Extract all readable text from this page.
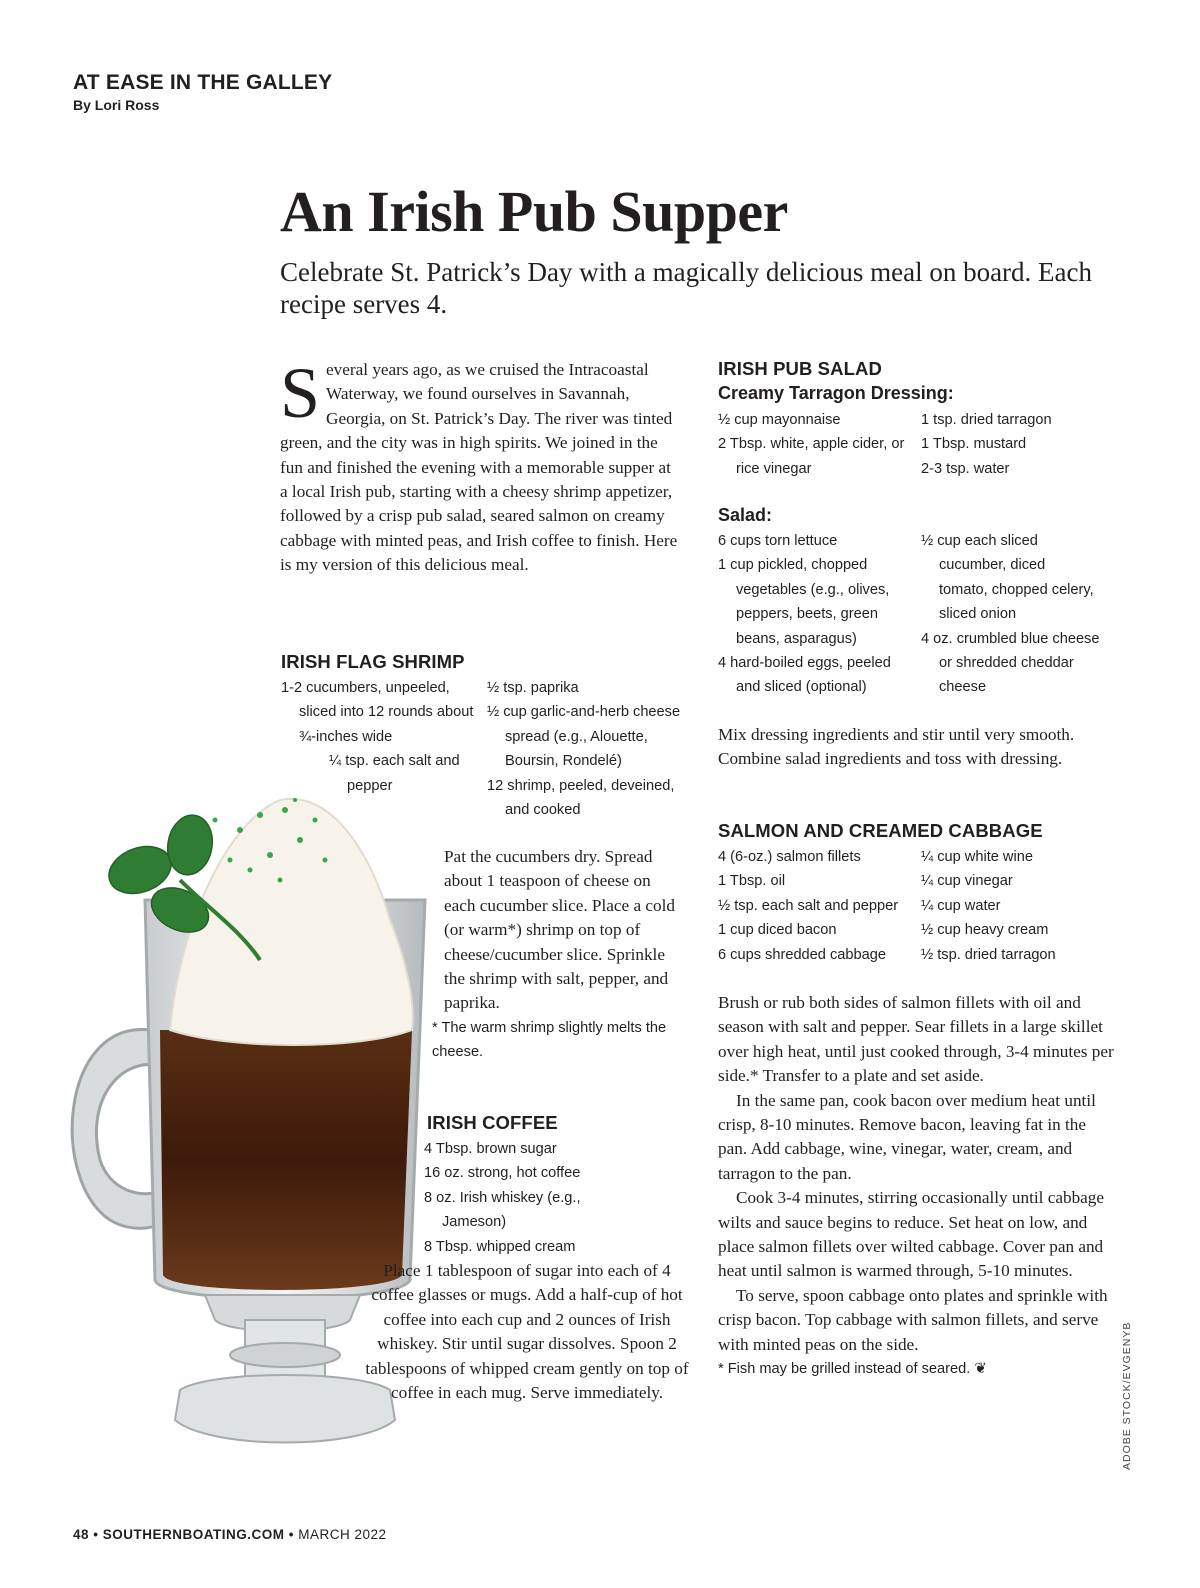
AT EASE IN THE GALLEY
By Lori Ross
An Irish Pub Supper
Celebrate St. Patrick’s Day with a magically delicious meal on board. Each recipe serves 4.
S everal years ago, as we cruised the Intracoastal Waterway, we found ourselves in Savannah, Georgia, on St. Patrick’s Day. The river was tinted green, and the city was in high spirits. We joined in the fun and finished the evening with a memorable supper at a local Irish pub, starting with a cheesy shrimp appetizer, followed by a crisp pub salad, seared salmon on creamy cabbage with minted peas, and Irish coffee to finish. Here is my version of this delicious meal.

IRISH FLAG SHRIMP
1-2 cucumbers, unpeeled, sliced into 12 rounds about ¾-inches wide
¼ tsp. each salt and pepper
½ tsp. paprika
½ cup garlic-and-herb cheese spread (e.g., Alouette, Boursin, Rondelé)
12 shrimp, peeled, deveined, and cooked

Pat the cucumbers dry. Spread about 1 teaspoon of cheese on each cucumber slice. Place a cold (or warm*) shrimp on top of cheese/cucumber slice. Sprinkle the shrimp with salt, pepper, and paprika.

* The warm shrimp slightly melts the cheese.
IRISH COFFEE
4 Tbsp. brown sugar
16 oz. strong, hot coffee
8 oz. Irish whiskey (e.g., Jameson)
8 Tbsp. whipped cream

Place 1 tablespoon of sugar into each of 4 coffee glasses or mugs. Add a half-cup of hot coffee into each cup and 2 ounces of Irish whiskey. Stir until sugar dissolves. Spoon 2 tablespoons of whipped cream gently on top of coffee in each mug. Serve immediately.

IRISH PUB SALAD
Creamy Tarragon Dressing:
½ cup mayonnaise
2 Tbsp. white, apple cider, or rice vinegar
1 tsp. dried tarragon
1 Tbsp. mustard
2-3 tsp. water
Salad:
6 cups torn lettuce
1 cup pickled, chopped vegetables (e.g., olives, peppers, beets, green beans, asparagus)
4 hard-boiled eggs, peeled and sliced (optional)
½ cup each sliced cucumber, diced tomato, chopped celery, sliced onion
4 oz. crumbled blue cheese or shredded cheddar cheese

Mix dressing ingredients and stir until very smooth. Combine salad ingredients and toss with dressing.

SALMON AND CREAMED CABBAGE
4 (6-oz.) salmon fillets
1 Tbsp. oil
½ tsp. each salt and pepper
1 cup diced bacon
6 cups shredded cabbage
¼ cup white wine
¼ cup vinegar
¼ cup water
½ cup heavy cream
½ tsp. dried tarragon

Brush or rub both sides of salmon fillets with oil and season with salt and pepper. Sear fillets in a large skillet over high heat, until just cooked through, 3-4 minutes per side.* Transfer to a plate and set aside.

In the same pan, cook bacon over medium heat until crisp, 8-10 minutes. Remove bacon, leaving fat in the pan. Add cabbage, wine, vinegar, water, cream, and tarragon to the pan.

Cook 3-4 minutes, stirring occasionally until cabbage wilts and sauce begins to reduce. Set heat on low, and place salmon fillets over wilted cabbage. Cover pan and heat until salmon is warmed through, 5-10 minutes.

To serve, spoon cabbage onto plates and sprinkle with crisp bacon. Top cabbage with salmon fillets, and serve with minted peas on the side.

* Fish may be grilled instead of seared. ❦	ADOBE STOCK/EVGENYB
48 • SOUTHERNBOATING.COM • MARCH 2022
